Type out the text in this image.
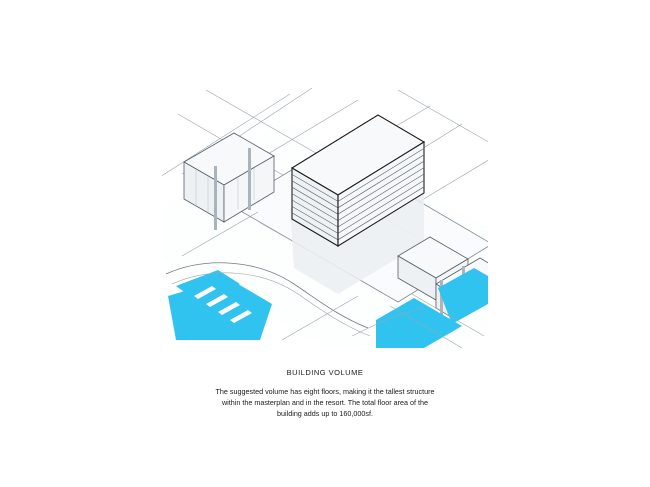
BUILDING VOLUME
The suggested volume has eight floors, making it the tallest structure within the masterplan and in the resort. The total floor area of the building adds up to 160,000sf.
